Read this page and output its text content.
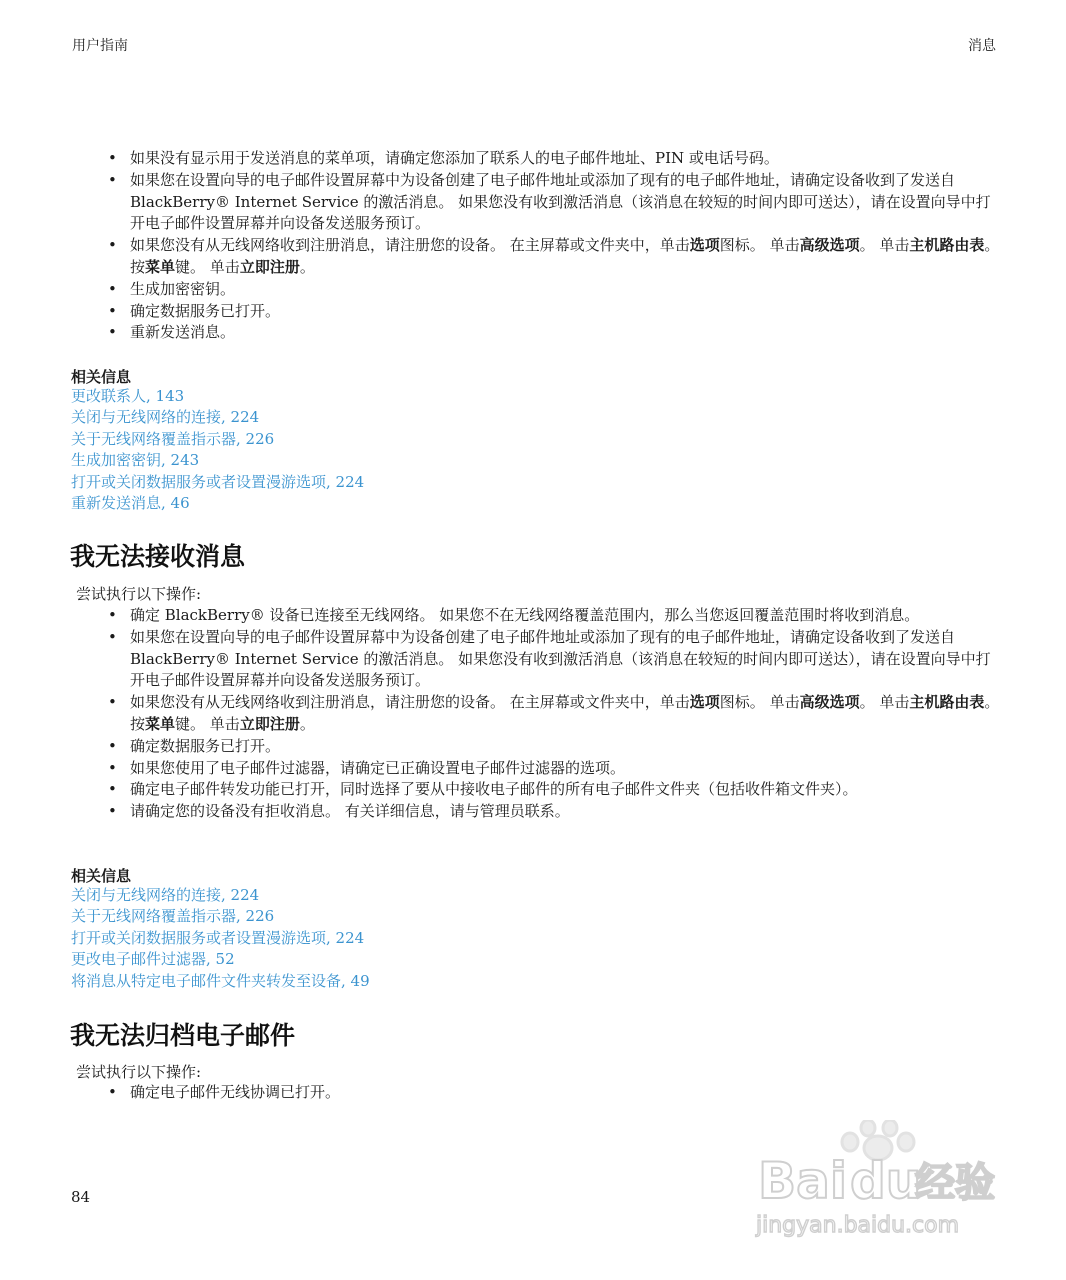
用户指南	消息
• 如果没有显示用于发送消息的菜单项，请确定您添加了联系人的电子邮件地址、PIN 或电话号码。
• 如果您在设置向导的电子邮件设置屏幕中为设备创建了电子邮件地址或添加了现有的电子邮件地址，请确定设备收到了发送自 BlackBerry® Internet Service 的激活消息。 如果您没有收到激活消息（该消息在较短的时间内即可送达），请在设置向导中打开电子邮件设置屏幕并向设备发送服务预订。
• 如果您没有从无线网络收到注册消息，请注册您的设备。 在主屏幕或文件夹中，单击选项图标。 单击高级选项。 单击主机路由表。 按菜单键。 单击立即注册。
• 生成加密密钥。
• 确定数据服务已打开。
• 重新发送消息。
相关信息
更改联系人, 143
关闭与无线网络的连接, 224
关于无线网络覆盖指示器, 226
生成加密密钥, 243
打开或关闭数据服务或者设置漫游选项, 224
重新发送消息, 46
我无法接收消息
尝试执行以下操作:
• 确定 BlackBerry® 设备已连接至无线网络。 如果您不在无线网络覆盖范围内，那么当您返回覆盖范围时将收到消息。
• 如果您在设置向导的电子邮件设置屏幕中为设备创建了电子邮件地址或添加了现有的电子邮件地址，请确定设备收到了发送自 BlackBerry® Internet Service 的激活消息。 如果您没有收到激活消息（该消息在较短的时间内即可送达），请在设置向导中打开电子邮件设置屏幕并向设备发送服务预订。
• 如果您没有从无线网络收到注册消息，请注册您的设备。 在主屏幕或文件夹中，单击选项图标。 单击高级选项。 单击主机路由表。 按菜单键。 单击立即注册。
• 确定数据服务已打开。
• 如果您使用了电子邮件过滤器，请确定已正确设置电子邮件过滤器的选项。
• 确定电子邮件转发功能已打开，同时选择了要从中接收电子邮件的所有电子邮件文件夹（包括收件箱文件夹）。
• 请确定您的设备没有拒收消息。 有关详细信息，请与管理员联系。
相关信息
关闭与无线网络的连接, 224
关于无线网络覆盖指示器, 226
打开或关闭数据服务或者设置漫游选项, 224
更改电子邮件过滤器, 52
将消息从特定电子邮件文件夹转发至设备, 49
我无法归档电子邮件
尝试执行以下操作:
• 确定电子邮件无线协调已打开。
84	Bai du
经验
jingyan.baidu.com
